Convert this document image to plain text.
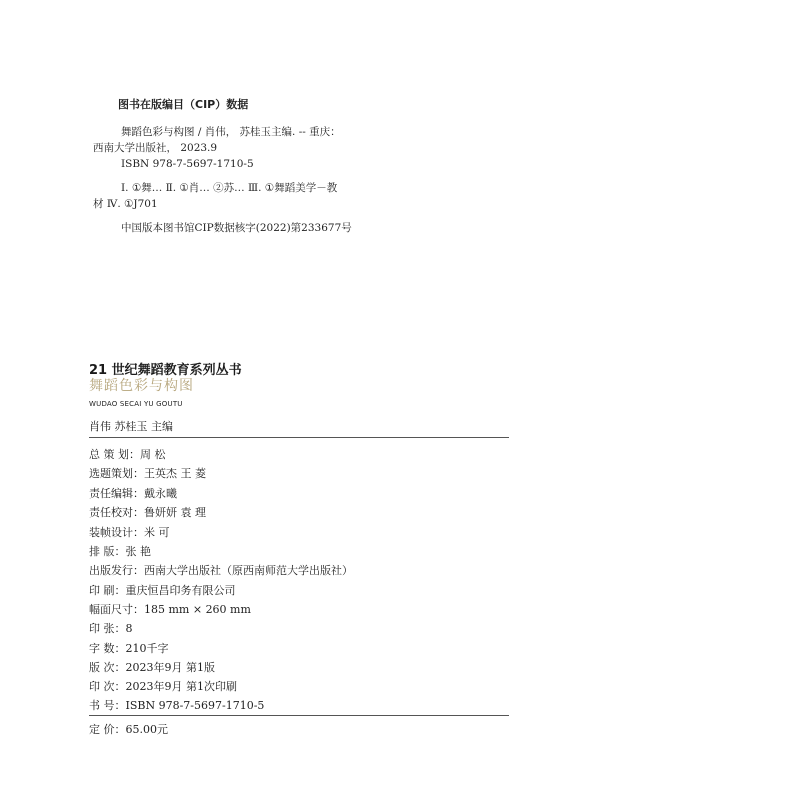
图书在版编目（CIP）数据
舞蹈色彩与构图 / 肖伟， 苏桂玉主编. -- 重庆：
西南大学出版社， 2023.9
ISBN 978-7-5697-1710-5
Ⅰ. ①舞… Ⅱ. ①肖… ②苏… Ⅲ. ①舞蹈美学－教
材 Ⅳ. ①J701
中国版本图书馆CIP数据核字(2022)第233677号
21 世纪舞蹈教育系列丛书
舞蹈色彩与构图
WUDAO SECAI YU GOUTU
肖伟 苏桂玉 主编
总 策 划：周 松
选题策划：王英杰 王 菱
责任编辑：戴永曦
责任校对：鲁妍妍 袁 理
装帧设计：米 可
排 版：张 艳
出版发行：西南大学出版社（原西南师范大学出版社）
印 刷：重庆恒昌印务有限公司
幅面尺寸：185 mm × 260 mm
印 张：8
字 数：210千字
版 次：2023年9月 第1版
印 次：2023年9月 第1次印刷
书 号：ISBN 978-7-5697-1710-5
定 价：65.00元
